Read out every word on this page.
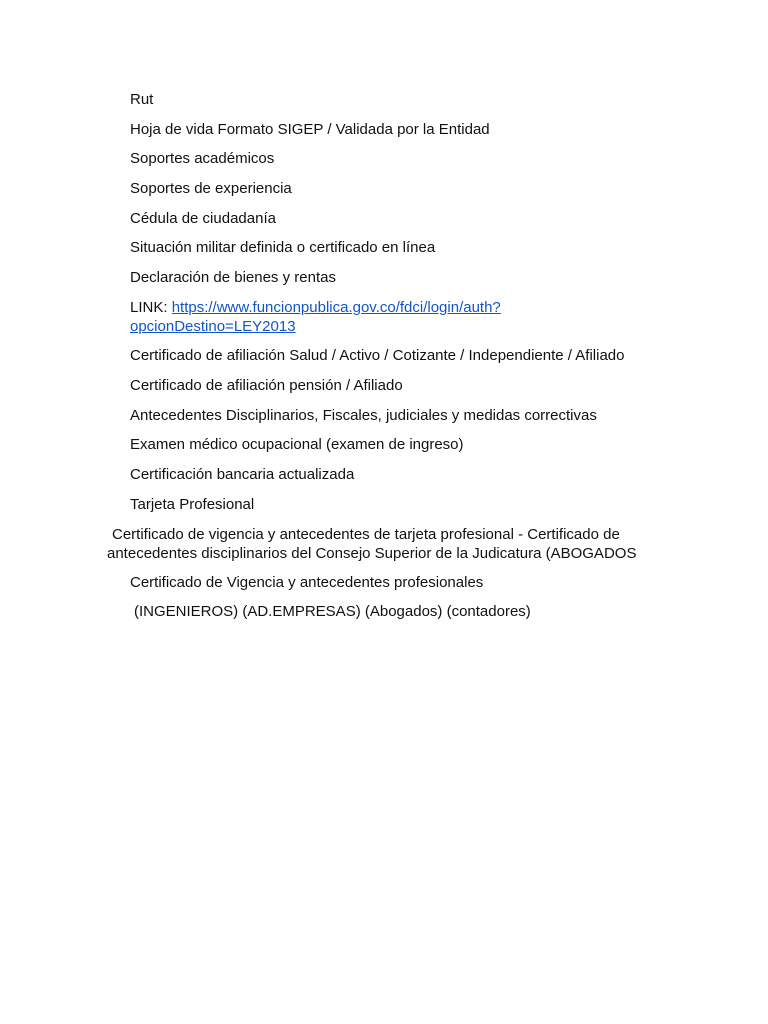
Rut
Hoja de vida Formato SIGEP / Validada por la Entidad
Soportes académicos
Soportes de experiencia
Cédula de ciudadanía
Situación militar definida o certificado en línea
Declaración de bienes y rentas
LINK: https://www.funcionpublica.gov.co/fdci/login/auth?
opcionDestino=LEY2013
Certificado de afiliación Salud / Activo / Cotizante / Independiente / Afiliado
Certificado de afiliación pensión / Afiliado
Antecedentes Disciplinarios, Fiscales, judiciales y medidas correctivas
Examen médico ocupacional (examen de ingreso)
Certificación bancaria actualizada
Tarjeta Profesional
Certificado de vigencia y antecedentes de tarjeta profesional - Certificado de
antecedentes disciplinarios del Consejo Superior de la Judicatura (ABOGADOS
Certificado de Vigencia y antecedentes profesionales
(INGENIEROS) (AD.EMPRESAS) (Abogados) (contadores)
